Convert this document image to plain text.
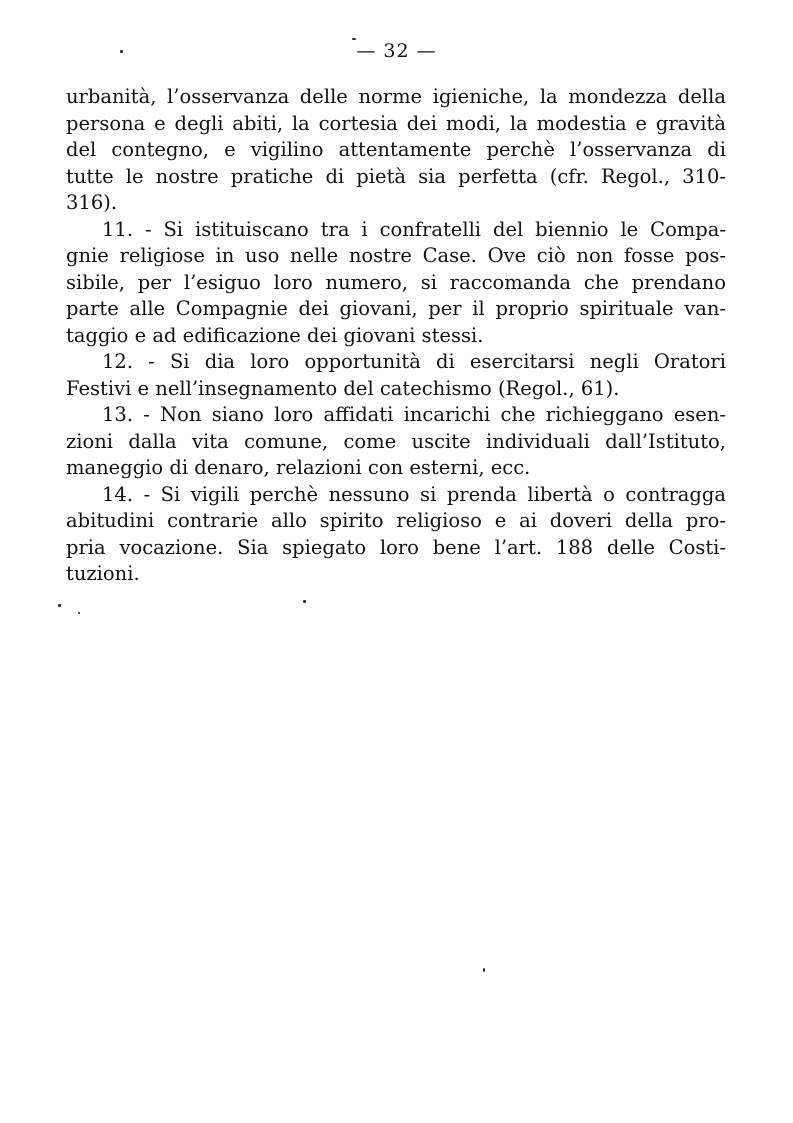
— 32 —
urbanità, l’osservanza delle norme igieniche, la mondezza della
persona e degli abiti, la cortesia dei modi, la modestia e gravità
del contegno, e vigilino attentamente perchè l’osservanza di
tutte le nostre pratiche di pietà sia perfetta (cfr. Regol., 310-
316).
11. - Si istituiscano tra i confratelli del biennio le Compa-
gnie religiose in uso nelle nostre Case. Ove ciò non fosse pos-
sibile, per l’esiguo loro numero, si raccomanda che prendano
parte alle Compagnie dei giovani, per il proprio spirituale van-
taggio e ad edificazione dei giovani stessi.
12. - Si dia loro opportunità di esercitarsi negli Oratori
Festivi e nell’insegnamento del catechismo (Regol., 61).
13. - Non siano loro affidati incarichi che richieggano esen-
zioni dalla vita comune, come uscite individuali dall’Istituto,
maneggio di denaro, relazioni con esterni, ecc.
14. - Si vigili perchè nessuno si prenda libertà o contragga
abitudini contrarie allo spirito religioso e ai doveri della pro-
pria vocazione. Sia spiegato loro bene l’art. 188 delle Costi-
tuzioni.
